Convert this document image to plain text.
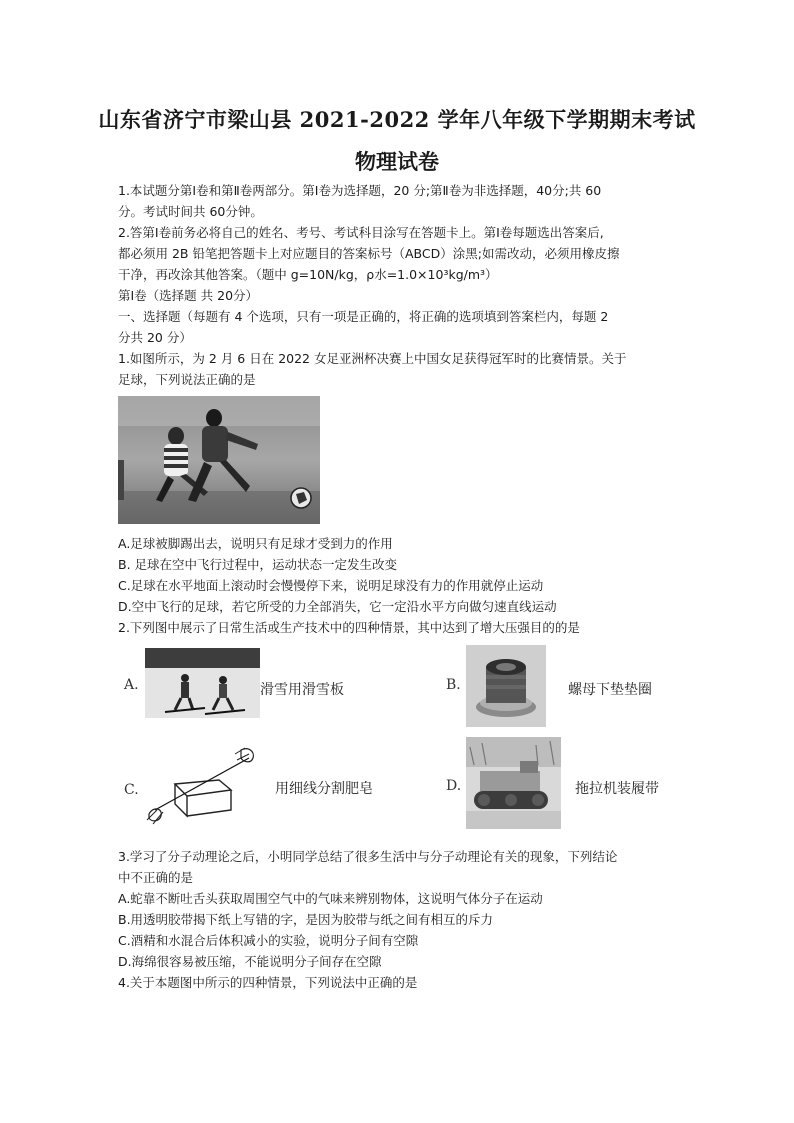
山东省济宁市梁山县 2021-2022 学年八年级下学期期末考试
物理试卷

1.本试题分第Ⅰ卷和第Ⅱ卷两部分。第Ⅰ卷为选择题，20 分;第Ⅱ卷为非选择题，40分;共 60

分。考试时间共 60分钟。

2.答第Ⅰ卷前务必将自己的姓名、考号、考试科目涂写在答题卡上。第Ⅰ卷每题选出答案后,

都必须用 2B 铅笔把答题卡上对应题目的答案标号（ABCD）涂黑;如需改动，必须用橡皮擦

干净，再改涂其他答案。（题中 g=10N/kg，ρ水=1.0×10³kg/m³）

第Ⅰ卷（选择题 共 20分）

一、选择题（每题有 4 个选项，只有一项是正确的，将正确的选项填到答案栏内，每题 2

分共 20 分）

1.如图所示，为 2 月 6 日在 2022 女足亚洲杯决赛上中国女足获得冠军时的比赛情景。关于

足球，下列说法正确的是

A.足球被脚踢出去，说明只有足球才受到力的作用

B. 足球在空中飞行过程中，运动状态一定发生改变

C.足球在水平地面上滚动时会慢慢停下来，说明足球没有力的作用就停止运动

D.空中飞行的足球，若它所受的力全部消失，它一定沿水平方向做匀速直线运动

2.下列图中展示了日常生活或生产技术中的四种情景，其中达到了增大压强目的的是

A.	滑雪用滑雪板	B.	螺母下垫垫圈
C.	用细线分割肥皂	D.	拖拉机装履带

3.学习了分子动理论之后，小明同学总结了很多生活中与分子动理论有关的现象，下列结论

中不正确的是

A.蛇靠不断吐舌头获取周围空气中的气味来辨别物体，这说明气体分子在运动

B.用透明胶带揭下纸上写错的字，是因为胶带与纸之间有相互的斥力

C.酒精和水混合后体积减小的实验，说明分子间有空隙

D.海绵很容易被压缩，不能说明分子间存在空隙

4.关于本题图中所示的四种情景，下列说法中正确的是
